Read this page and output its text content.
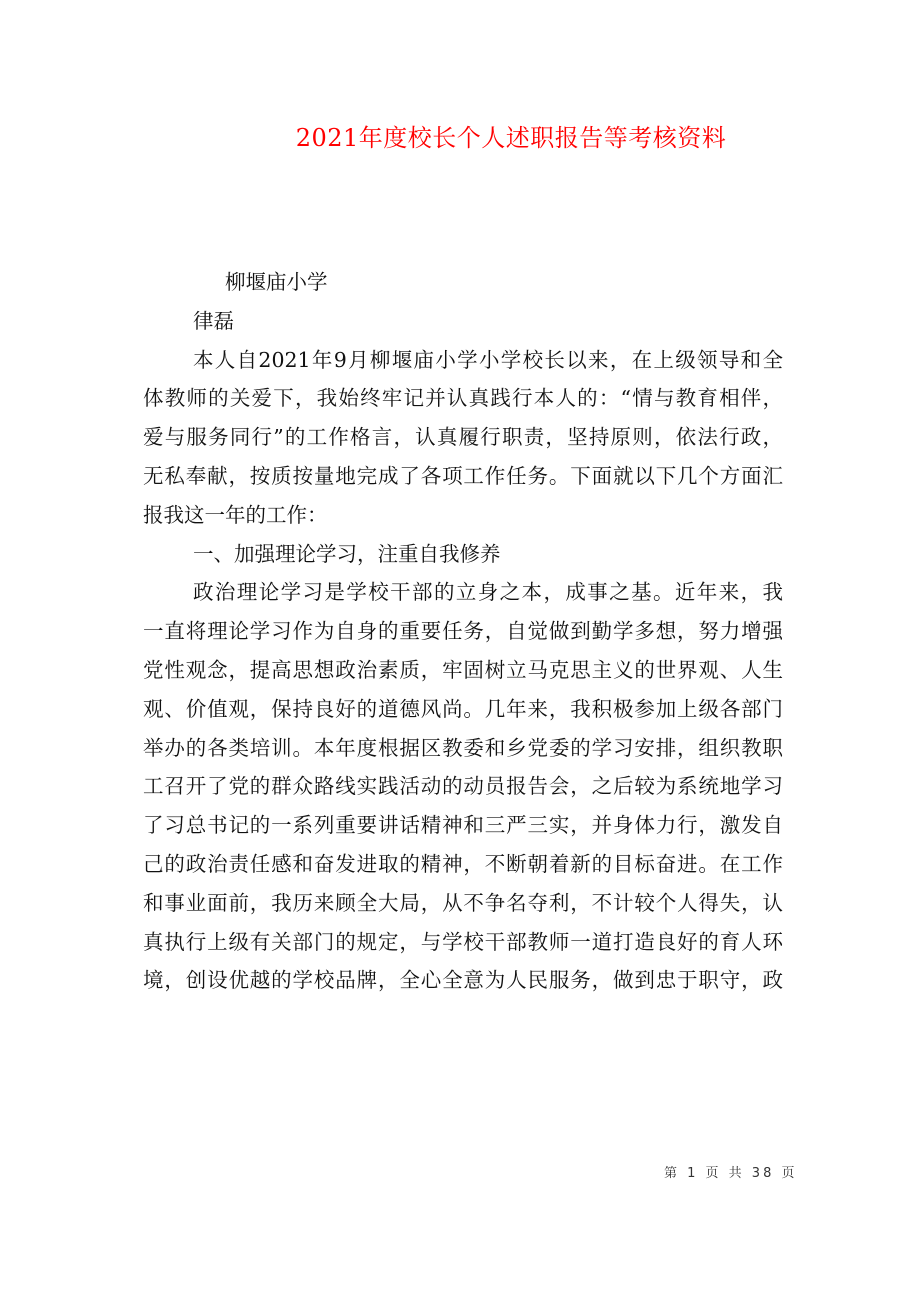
2021年度校长个人述职报告等考核资料
柳堰庙小学
律磊
本人自2021年9月柳堰庙小学小学校长以来，在上级领导和全
体教师的关爱下，我始终牢记并认真践行本人的：“情与教育相伴，
爱与服务同行”的工作格言，认真履行职责，坚持原则，依法行政，
无私奉献，按质按量地完成了各项工作任务。下面就以下几个方面汇
报我这一年的工作：
一、加强理论学习，注重自我修养
政治理论学习是学校干部的立身之本，成事之基。近年来，我
一直将理论学习作为自身的重要任务，自觉做到勤学多想，努力增强
党性观念，提高思想政治素质，牢固树立马克思主义的世界观、人生
观、价值观，保持良好的道德风尚。几年来，我积极参加上级各部门
举办的各类培训。本年度根据区教委和乡党委的学习安排，组织教职
工召开了党的群众路线实践活动的动员报告会，之后较为系统地学习
了习总书记的一系列重要讲话精神和三严三实，并身体力行，激发自
己的政治责任感和奋发进取的精神，不断朝着新的目标奋进。在工作
和事业面前，我历来顾全大局，从不争名夺利，不计较个人得失，认
真执行上级有关部门的规定，与学校干部教师一道打造良好的育人环
境，创设优越的学校品牌，全心全意为人民服务，做到忠于职守，政
第 1 页 共 38 页
